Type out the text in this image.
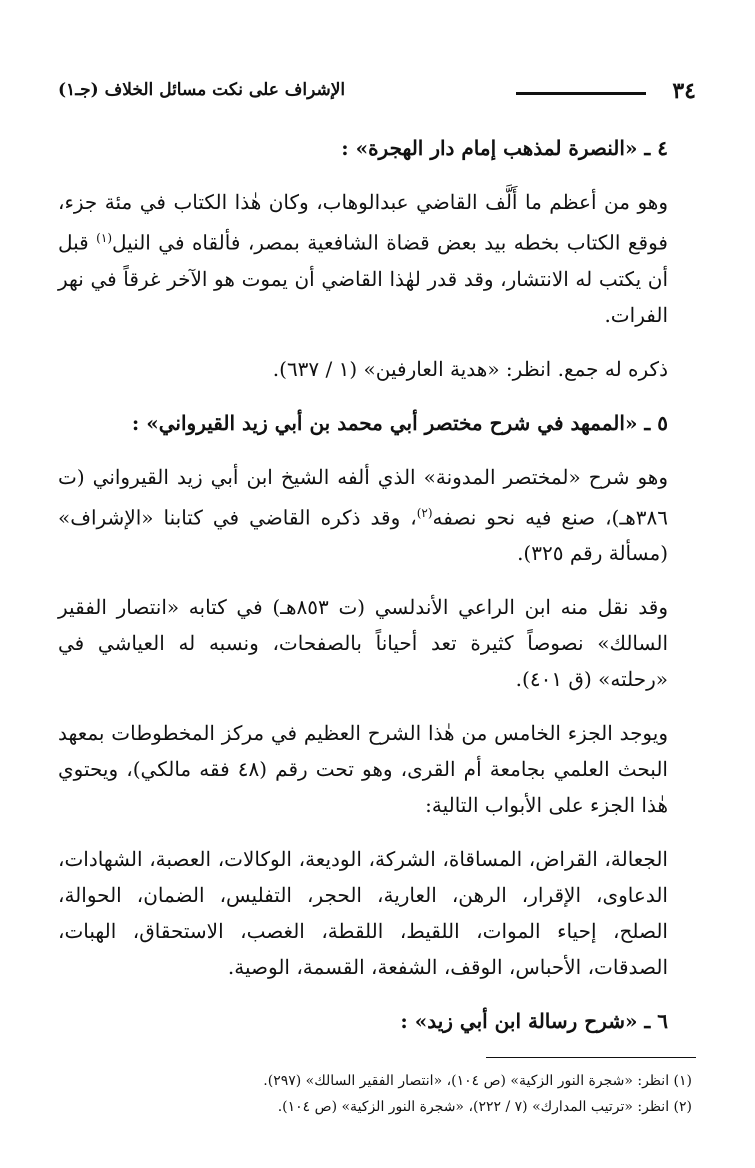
٣٤
الإشراف على نكت مسائل الخلاف (جـ١)
٤ ـ «النصرة لمذهب إمام دار الهجرة» :

وهو من أعظم ما أَلَّف القاضي عبدالوهاب، وكان هٰذا الكتاب في مئة جزء، فوقع الكتاب بخطه بيد بعض قضاة الشافعية بمصر، فألقاه في النيل$^{(١)}$ قبل أن يكتب له الانتشار، وقد قدر لهٰذا القاضي أن يموت هو الآخر غرقاً في نهر الفرات.

ذكره له جمع. انظر: «هدية العارفين» (١ / ٦٣٧).

٥ ـ «الممهد في شرح مختصر أبي محمد بن أبي زيد القيرواني» :

وهو شرح «لمختصر المدونة» الذي ألفه الشيخ ابن أبي زيد القيرواني (ت ٣٨٦هـ)، صنع فيه نحو نصفه$^{(٢)}$، وقد ذكره القاضي في كتابنا «الإشراف» (مسألة رقم ٣٢٥).

وقد نقل منه ابن الراعي الأندلسي (ت ٨٥٣هـ) في كتابه «انتصار الفقير السالك» نصوصاً كثيرة تعد أحياناً بالصفحات، ونسبه له العياشي في «رحلته» (ق ٤٠١).

ويوجد الجزء الخامس من هٰذا الشرح العظيم في مركز المخطوطات بمعهد البحث العلمي بجامعة أم القرى، وهو تحت رقم (٤٨ فقه مالكي)، ويحتوي هٰذا الجزء على الأبواب التالية:

الجعالة، القراض، المساقاة، الشركة، الوديعة، الوكالات، العصبة، الشهادات، الدعاوى، الإقرار، الرهن، العارية، الحجر، التفليس، الضمان، الحوالة، الصلح، إحياء الموات، اللقيط، اللقطة، الغصب، الاستحقاق، الهبات، الصدقات، الأحباس، الوقف، الشفعة، القسمة، الوصية.

٦ ـ «شرح رسالة ابن أبي زيد» :
(١) انظر: «شجرة النور الزكية» (ص ١٠٤)، «انتصار الفقير السالك» (٢٩٧).
(٢) انظر: «ترتيب المدارك» (٧ / ٢٢٢)، «شجرة النور الزكية» (ص ١٠٤).
